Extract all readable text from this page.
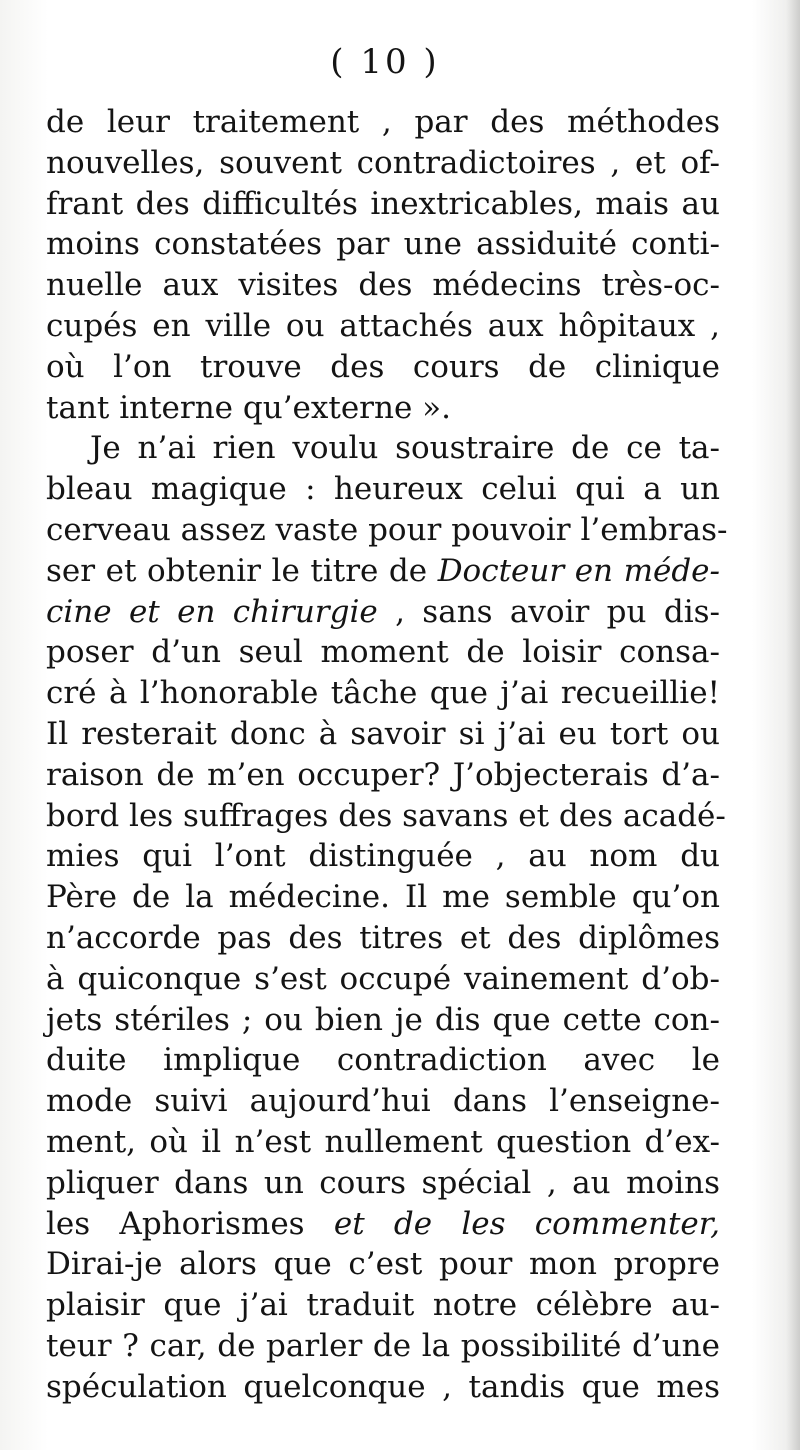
( 10 )
de leur traitement , par des méthodes
nouvelles, souvent contradictoires , et of-
frant des difficultés inextricables, mais au
moins constatées par une assiduité conti-
nuelle aux visites des médecins très-oc-
cupés en ville ou attachés aux hôpitaux ,
où l’on trouve des cours de clinique
tant interne qu’externe ».
Je n’ai rien voulu soustraire de ce ta-
bleau magique : heureux celui qui a un
cerveau assez vaste pour pouvoir l’embras-
ser et obtenir le titre de Docteur en méde-
cine et en chirurgie , sans avoir pu dis-
poser d’un seul moment de loisir consa-
cré à l’honorable tâche que j’ai recueillie!
Il resterait donc à savoir si j’ai eu tort ou
raison de m’en occuper? J’objecterais d’a-
bord les suffrages des savans et des acadé-
mies qui l’ont distinguée , au nom du
Père de la médecine. Il me semble qu’on
n’accorde pas des titres et des diplômes
à quiconque s’est occupé vainement d’ob-
jets stériles ; ou bien je dis que cette con-
duite implique contradiction avec le
mode suivi aujourd’hui dans l’enseigne-
ment, où il n’est nullement question d’ex-
pliquer dans un cours spécial , au moins
les Aphorismes et de les commenter,
Dirai-je alors que c’est pour mon propre
plaisir que j’ai traduit notre célèbre au-
teur ? car, de parler de la possibilité d’une
spéculation quelconque , tandis que mes
